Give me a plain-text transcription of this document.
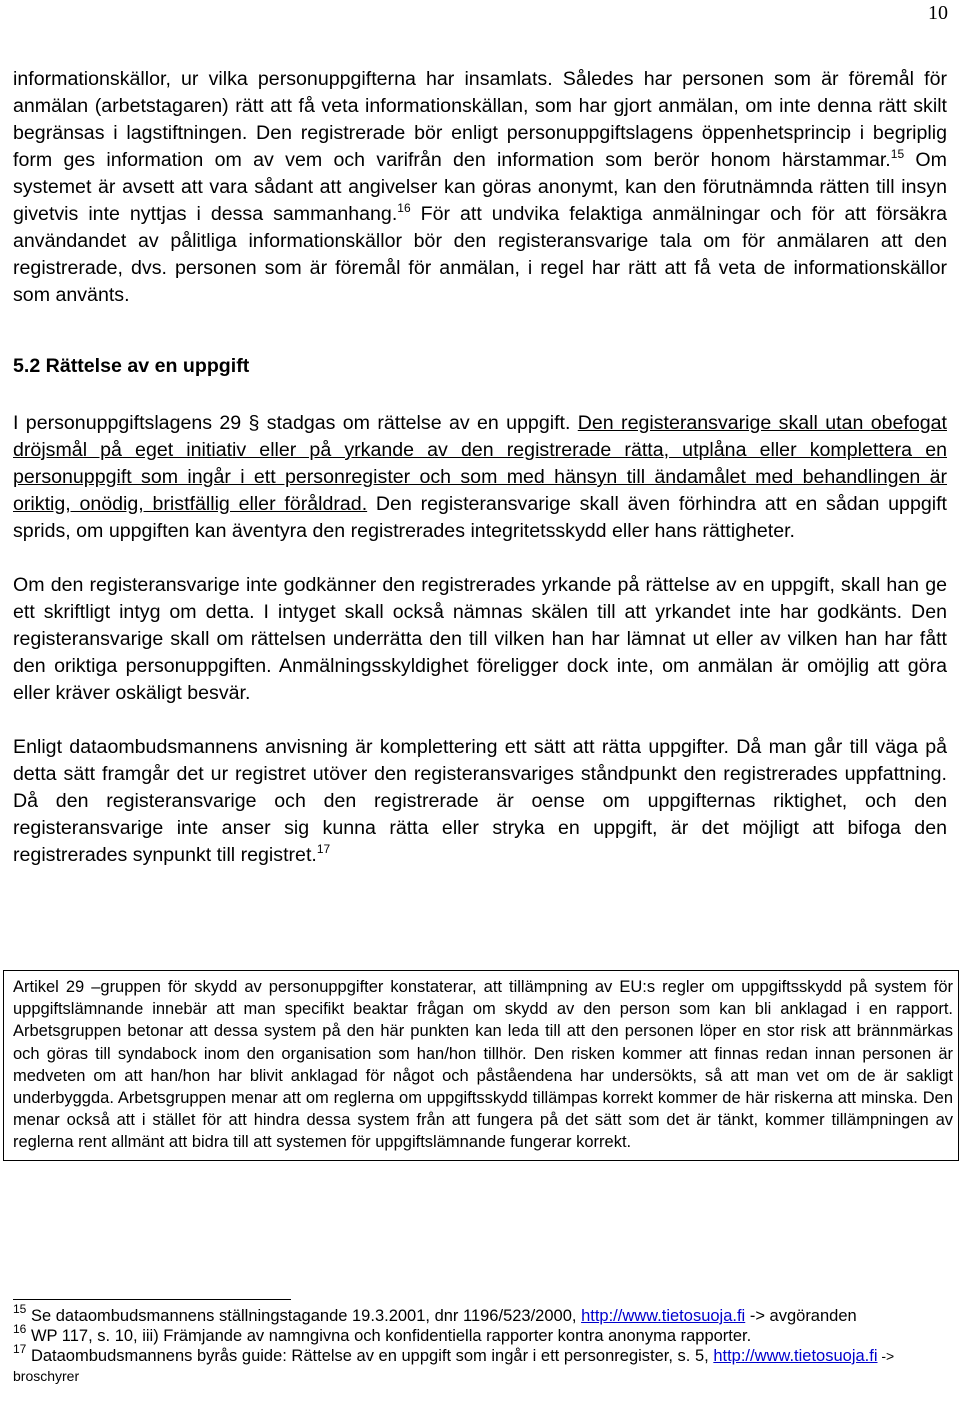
10

informationskällor, ur vilka personuppgifterna har insamlats. Således har personen som är föremål för anmälan (arbetstagaren) rätt att få veta informationskällan, som har gjort anmälan, om inte denna rätt skilt begränsas i lagstiftningen. Den registrerade bör enligt personuppgiftslagens öppenhetsprincip i begriplig form ges information om av vem och varifrån den information som berör honom härstammar.$^{15}$ Om systemet är avsett att vara sådant att angivelser kan göras anonymt, kan den förutnämnda rätten till insyn givetvis inte nyttjas i dessa sammanhang.$^{16}$ För att undvika felaktiga anmälningar och för att försäkra användandet av pålitliga informationskällor bör den registeransvarige tala om för anmälaren att den registrerade, dvs. personen som är föremål för anmälan, i regel har rätt att få veta de informationskällor som använts.

5.2 Rättelse av en uppgift

I personuppgiftslagens 29 § stadgas om rättelse av en uppgift. Den registeransvarige skall utan obefogat dröjsmål på eget initiativ eller på yrkande av den registrerade rätta, utplåna eller komplettera en personuppgift som ingår i ett personregister och som med hänsyn till ändamålet med behandlingen är oriktig, onödig, bristfällig eller föråldrad. Den registeransvarige skall även förhindra att en sådan uppgift sprids, om uppgiften kan äventyra den registrerades integritetsskydd eller hans rättigheter.

Om den registeransvarige inte godkänner den registrerades yrkande på rättelse av en uppgift, skall han ge ett skriftligt intyg om detta. I intyget skall också nämnas skälen till att yrkandet inte har godkänts. Den registeransvarige skall om rättelsen underrätta den till vilken han har lämnat ut eller av vilken han har fått den oriktiga personuppgiften. Anmälningsskyldighet föreligger dock inte, om anmälan är omöjlig att göra eller kräver oskäligt besvär.

Enligt dataombudsmannens anvisning är komplettering ett sätt att rätta uppgifter. Då man går till väga på detta sätt framgår det ur registret utöver den registeransvariges ståndpunkt den registrerades uppfattning. Då den registeransvarige och den registrerade är oense om uppgifternas riktighet, och den registeransvarige inte anser sig kunna rätta eller stryka en uppgift, är det möjligt att bifoga den registrerades synpunkt till registret.$^{17}$

Artikel 29 –gruppen för skydd av personuppgifter konstaterar, att tillämpning av EU:s regler om uppgiftsskydd på system för uppgiftslämnande innebär att man specifikt beaktar frågan om skydd av den person som kan bli anklagad i en rapport. Arbetsgruppen betonar att dessa system på den här punkten kan leda till att den personen löper en stor risk att brännmärkas och göras till syndabock inom den organisation som han/hon tillhör. Den risken kommer att finnas redan innan personen är medveten om att han/hon har blivit anklagad för något och påståendena har undersökts, så att man vet om de är sakligt underbyggda. Arbetsgruppen menar att om reglerna om uppgiftsskydd tillämpas korrekt kommer de här riskerna att minska. Den menar också att i stället för att hindra dessa system från att fungera på det sätt som det är tänkt, kommer tillämpningen av reglerna rent allmänt att bidra till att systemen för uppgiftslämnande fungerar korrekt.

$^{15}$ Se dataombudsmannens ställningstagande 19.3.2001, dnr 1196/523/2000, http://www.tietosuoja.fi -> avgöranden

$^{16}$ WP 117, s. 10, iii) Främjande av namngivna och konfidentiella rapporter kontra anonyma rapporter.

$^{17}$ Dataombudsmannens byrås guide: Rättelse av en uppgift som ingår i ett personregister, s. 5, http://www.tietosuoja.fi -> broschyrer
